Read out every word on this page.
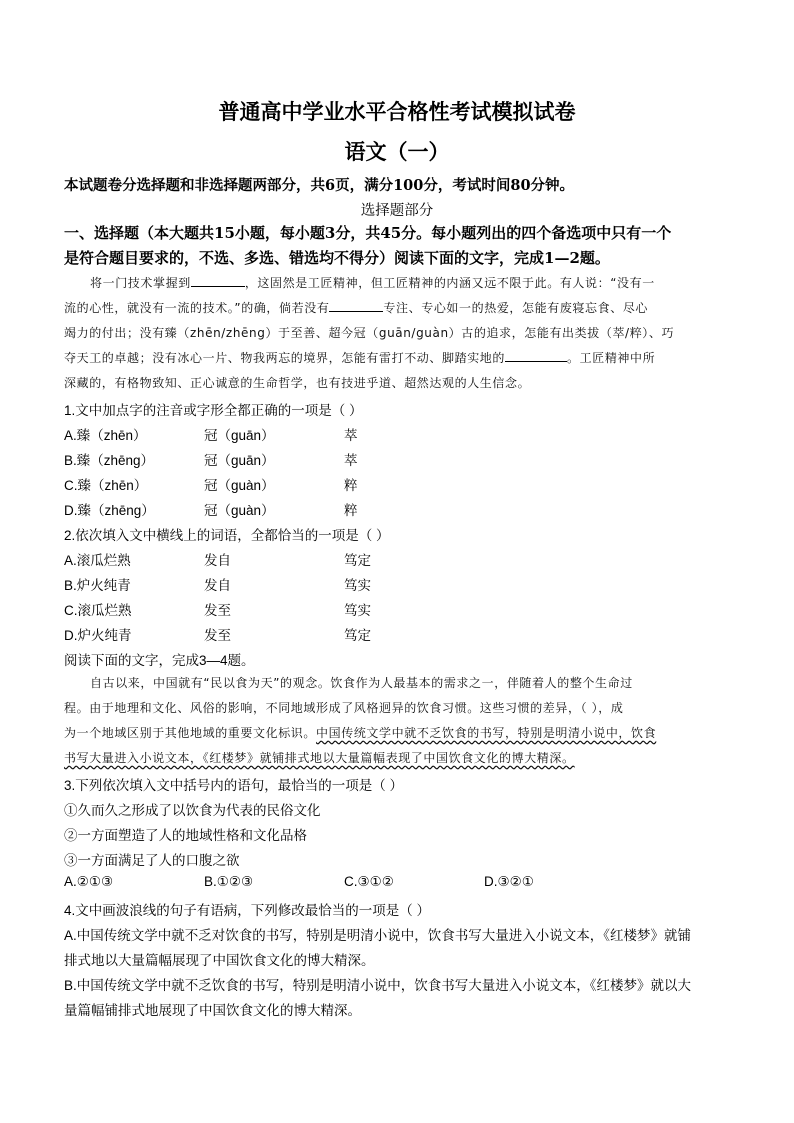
普通高中学业水平合格性考试模拟试卷
语文（一）
本试题卷分选择题和非选择题两部分，共6页，满分100分，考试时间80分钟。
选择题部分
一、选择题（本大题共15小题，每小题3分，共45分。每小题列出的四个备选项中只有一个
是符合题目要求的，不选、多选、错选均不得分）阅读下面的文字，完成1—2题。
将一门技术掌握到	，这固然是工匠精神，但工匠精神的内涵又远不限于此。有人说：“没有一
流的心性，就没有一流的技术。”的确，倘若没有	专注、专心如一的热爱，怎能有废寝忘食、尽心
竭力的付出；没有臻（zhēn/zhēng）于至善、超今冠（guān/guàn）古的追求，怎能有出类拔（萃/粹）、巧
夺天工的卓越；没有冰心一片、物我两忘的境界，怎能有雷打不动、脚踏实地的	。工匠精神中所
深藏的，有格物致知、正心诚意的生命哲学，也有技进乎道、超然达观的人生信念。
1.文中加点字的注音或字形全都正确的一项是（ ）
A.臻（zhēn）	冠（guān）	萃
B.臻（zhēng）	冠（guān）	萃
C.臻（zhēn）	冠（guàn）	粹
D.臻（zhēng）	冠（guàn）	粹
2.依次填入文中横线上的词语，全都恰当的一项是（ ）
A.滚瓜烂熟	发自	笃定
B.炉火纯青	发自	笃实
C.滚瓜烂熟	发至	笃实
D.炉火纯青	发至	笃定
阅读下面的文字，完成3—4题。
自古以来，中国就有“民以食为天”的观念。饮食作为人最基本的需求之一，伴随着人的整个生命过
程。由于地理和文化、风俗的影响，不同地域形成了风格迥异的饮食习惯。这些习惯的差异，（ ），成
为一个地域区别于其他地域的重要文化标识。中国传统文学中就不乏饮食的书写，特别是明清小说中，饮食
书写大量进入小说文本，《红楼梦》就铺排式地以大量篇幅表现了中国饮食文化的博大精深。
3.下列依次填入文中括号内的语句，最恰当的一项是（ ）
①久而久之形成了以饮食为代表的民俗文化
②一方面塑造了人的地域性格和文化品格
③一方面满足了人的口腹之欲
A.②①③	B.①②③	C.③①②	D.③②①
4.文中画波浪线的句子有语病，下列修改最恰当的一项是（ ）
A.中国传统文学中就不乏对饮食的书写，特别是明清小说中，饮食书写大量进入小说文本，《红楼梦》就铺
排式地以大量篇幅展现了中国饮食文化的博大精深。
B.中国传统文学中就不乏饮食的书写，特别是明清小说中，饮食书写大量进入小说文本，《红楼梦》就以大
量篇幅铺排式地展现了中国饮食文化的博大精深。
